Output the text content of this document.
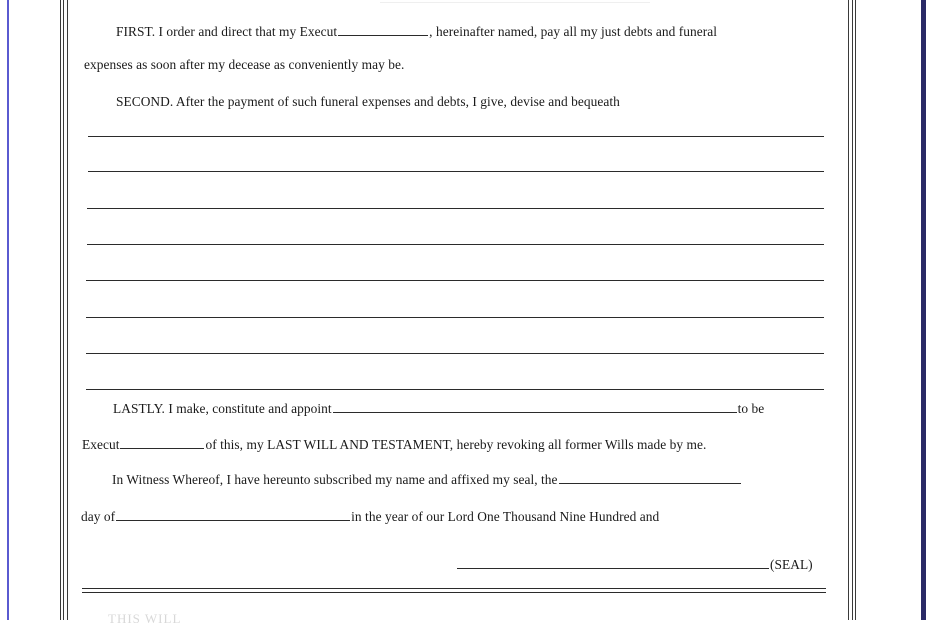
FIRST. I order and direct that my Execut	, hereinafter named, pay all my just debts and funeral
expenses as soon after my decease as conveniently may be.
SECOND. After the payment of such funeral expenses and debts, I give, devise and bequeath
LASTLY. I make, constitute and appoint	to be
Execut	of this, my LAST WILL AND TESTAMENT, hereby revoking all former Wills made by me.
In Witness Whereof, I have hereunto subscribed my name and affixed my seal, the
day of	in the year of our Lord One Thousand Nine Hundred and
(SEAL)
THIS WILL
